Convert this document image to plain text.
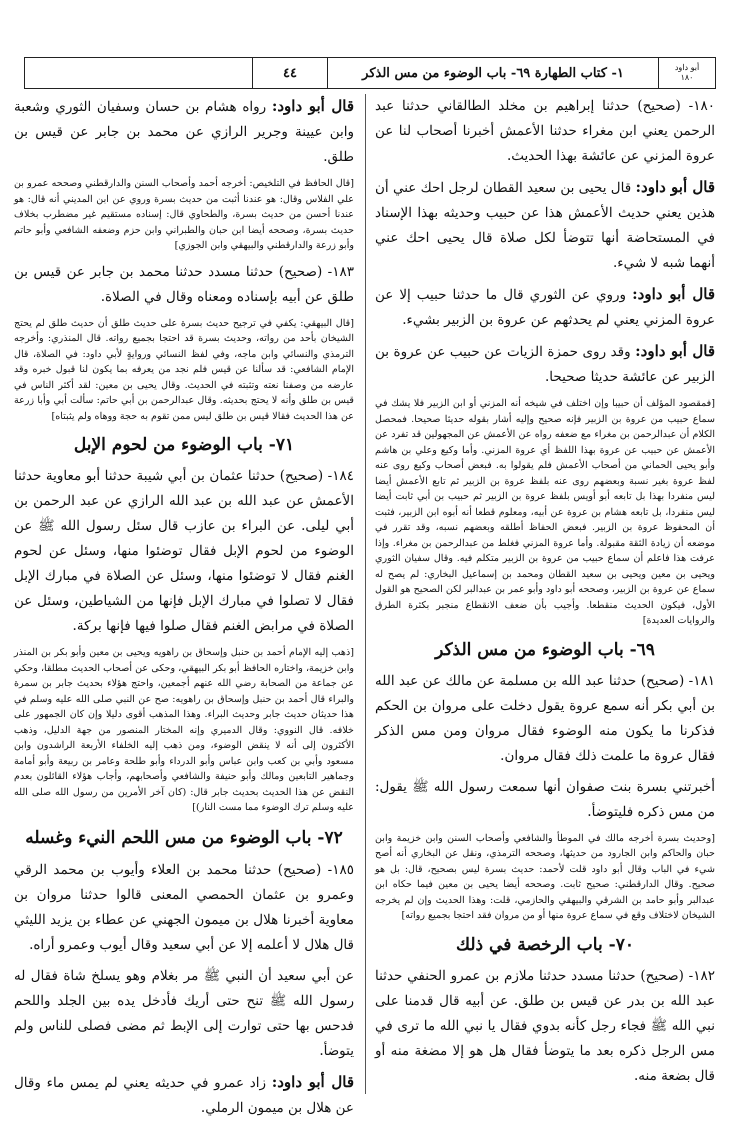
أبو داود
١٨٠
١- كتاب الطهارة ٦٩- باب الوضوء من مس الذكر
٤٤

١٨٠- (صحيح) حدثنا إبراهيم بن مخلد الطالقاني حدثنا عبد الرحمن يعني ابن مغراء حدثنا الأعمش أخبرنا أصحاب لنا عن عروة المزني عن عائشة بهذا الحديث.

قال أبو داود: قال يحيى بن سعيد القطان لرجل احك عني أن هذين يعني حديث الأعمش هذا عن حبيب وحديثه بهذا الإسناد في المستحاضة أنها تتوضأ لكل صلاة قال يحيى احك عني أنهما شبه لا شيء.

قال أبو داود: وروي عن الثوري قال ما حدثنا حبيب إلا عن عروة المزني يعني لم يحدثهم عن عروة بن الزبير بشيء.

قال أبو داود: وقد روى حمزة الزيات عن حبيب عن عروة بن الزبير عن عائشة حديثا صحيحا.

[فمقصود المؤلف أن حبيبا وإن اختلف في شيخه أنه المزني أو ابن الزبير فلا يشك في سماع حبيب من عروة بن الزبير فإنه صحيح وإليه أشار بقوله حديثا صحيحا. فمحصل الكلام أن عبدالرحمن بن مغراء مع ضعفه رواه عن الأعمش عن المجهولين قد تفرد عن الأعمش عن حبيب عن عروة بهذا اللفظ أي عروة المزني. وأما وكيع وعلي بن هاشم وأبو يحيى الحماني من أصحاب الأعمش فلم يقولوا به. فبعض أصحاب وكيع روى عنه لفظ عروة بغير نسبة وبعضهم روى عنه بلفظ عروة بن الزبير ثم تابع الأعمش أيضا ليس منفردا بهذا بل تابعه أبو أويس بلفظ عروة بن الزبير ثم حبيب بن أبي ثابت أيضا ليس منفردا، بل تابعه هشام بن عروة عن أبيه، ومعلوم قطعا أنه أبوه ابن الزبير، فثبت أن المحفوظ عروة بن الزبير. فبعض الحفاظ أطلقه وبعضهم نسبه، وقد تقرر في موضعه أن زيادة الثقة مقبولة. وأما عروة المزني فغلط من عبدالرحمن بن مغراء. وإذا عرفت هذا فاعلم أن سماع حبيب من عروة بن الزبير متكلم فيه. وقال سفيان الثوري ويحيى بن معين ويحيى بن سعيد القطان ومحمد بن إسماعيل البخاري: لم يصح له سماع عن عروة بن الزبير، وصححه أبو داود وأبو عمر بن عبدالبر لكن الصحيح هو القول الأول، فيكون الحديث منقطعا. وأجيب بأن ضعف الانقطاع منجبر بكثرة الطرق والروايات العديدة]

٦٩- باب الوضوء من مس الذكر

١٨١- (صحيح) حدثنا عبد الله بن مسلمة عن مالك عن عبد الله بن أبي بكر أنه سمع عروة يقول دخلت على مروان بن الحكم فذكرنا ما يكون منه الوضوء فقال مروان ومن مس الذكر فقال عروة ما علمت ذلك فقال مروان.

أخبرتني بسرة بنت صفوان أنها سمعت رسول الله ﷺ يقول: من مس ذكره فليتوضأ.

[وحديث بسرة أخرجه مالك في الموطأ والشافعي وأصحاب السنن وابن خزيمة وابن حبان والحاكم وابن الجارود من حديثها، وصححه الترمذي، ونقل عن البخاري أنه أصح شيء في الباب وقال أبو داود قلت لأحمد: حديث بسرة ليس بصحيح، قال: بل هو صحيح. وقال الدارقطني: صحيح ثابت. وصححه أيضا يحيى بن معين فيما حكاه ابن عبدالبر وأبو حامد بن الشرقي والبيهقي والحازمي، قلت: وهذا الحديث وإن لم يخرجه الشيخان لاختلاف وقع في سماع عروة منها أو من مروان فقد احتجا بجميع رواته]

٧٠- باب الرخصة في ذلك

١٨٢- (صحيح) حدثنا مسدد حدثنا ملازم بن عمرو الحنفي حدثنا عبد الله بن بدر عن قيس بن طلق. عن أبيه قال قدمنا على نبي الله ﷺ فجاء رجل كأنه بدوي فقال يا نبي الله ما ترى في مس الرجل ذكره بعد ما يتوضأ فقال هل هو إلا مضغة منه أو قال بضعة منه.

قال أبو داود: رواه هشام بن حسان وسفيان الثوري وشعبة وابن عيينة وجرير الرازي عن محمد بن جابر عن قيس بن طلق.

[قال الحافظ في التلخيص: أخرجه أحمد وأصحاب السنن والدارقطني وصححه عمرو بن علي الفلاس وقال: هو عندنا أثبت من حديث بسرة وروي عن ابن المديني أنه قال: هو عندنا أحسن من حديث بسرة، والطحاوي قال: إسناده مستقيم غير مضطرب بخلاف حديث بسرة، وصححه أيضا ابن حبان والطبراني وابن حزم وضعفه الشافعي وأبو حاتم وأبو زرعة والدارقطني والبيهقي وابن الجوزي]

١٨٣- (صحيح) حدثنا مسدد حدثنا محمد بن جابر عن قيس بن طلق عن أبيه بإسناده ومعناه وقال في الصلاة.

[قال البيهقي: يكفي في ترجيح حديث بسرة على حديث طلق أن حديث طلق لم يحتج الشيخان بأحد من رواته، وحديث بسرة قد احتجا بجميع رواته. قال المنذري: وأخرجه الترمذي والنسائي وابن ماجه، وفي لفظ النسائي وروايةٍ لأبي داود: في الصلاة، قال الإمام الشافعي: قد سألنا عن قيس فلم نجد من يعرفه بما يكون لنا قبول خبره وقد عارضه من وصفنا نعته وتثبته في الحديث. وقال يحيى بن معين: لقد أكثر الناس في قيس بن طلق وأنه لا يحتج بحديثه. وقال عبدالرحمن بن أبي حاتم: سألت أبي وأبا زرعة عن هذا الحديث فقالا قيس بن طلق ليس ممن تقوم به حجة ووهاه ولم يثبتاه]

٧١- باب الوضوء من لحوم الإبل

١٨٤- (صحيح) حدثنا عثمان بن أبي شيبة حدثنا أبو معاوية حدثنا الأعمش عن عبد الله بن عبد الله الرازي عن عبد الرحمن بن أبي ليلى. عن البراء بن عازب قال سئل رسول الله ﷺ عن الوضوء من لحوم الإبل فقال توضئوا منها، وسئل عن لحوم الغنم فقال لا توضئوا منها، وسئل عن الصلاة في مبارك الإبل فقال لا تصلوا في مبارك الإبل فإنها من الشياطين، وسئل عن الصلاة في مرابض الغنم فقال صلوا فيها فإنها بركة.

[ذهب إليه الإمام أحمد بن حنبل وإسحاق بن راهويه ويحيى بن معين وأبو بكر بن المنذر وابن خزيمة، واختاره الحافظ أبو بكر البيهقي، وحكى عن أصحاب الحديث مطلقا، وحكي عن جماعة من الصحابة رضي الله عنهم أجمعين، واحتج هؤلاء بحديث جابر بن سمرة والبراء قال أحمد بن حنبل وإسحاق بن راهويه: صح عن النبي صلى الله عليه وسلم في هذا حديثان حديث جابر وحديث البراء. وهذا المذهب أقوى دليلا وإن كان الجمهور على خلافه. قال النووي: وقال الدميري وإنه المختار المنصور من جهة الدليل، وذهب الأكثرون إلى أنه لا ينقض الوضوء، ومن ذهب إليه الخلفاء الأربعة الراشدون وابن مسعود وأبي بن كعب وابن عباس وأبو الدرداء وأبو طلحة وعامر بن ربيعة وأبو أمامة وجماهير التابعين ومالك وأبو حنيفة والشافعي وأصحابهم، وأجاب هؤلاء القائلون بعدم النقض عن هذا الحديث بحديث جابر قال: (كان آخر الأمرين من رسول الله صلى الله عليه وسلم ترك الوضوء مما مست النار)]

٧٢- باب الوضوء من مس اللحم النيء وغسله

١٨٥- (صحيح) حدثنا محمد بن العلاء وأيوب بن محمد الرقي وعمرو بن عثمان الحمصي المعنى قالوا حدثنا مروان بن معاوية أخبرنا هلال بن ميمون الجهني عن عطاء بن يزيد الليثي قال هلال لا أعلمه إلا عن أبي سعيد وقال أيوب وعمرو أراه.

عن أبي سعيد أن النبي ﷺ مر بغلام وهو يسلخ شاة فقال له رسول الله ﷺ تنح حتى أريك فأدخل يده بين الجلد واللحم فدحس بها حتى توارت إلى الإبط ثم مضى فصلى للناس ولم يتوضأ.

قال أبو داود: زاد عمرو في حديثه يعني لم يمس ماء وقال عن هلال بن ميمون الرملي.
